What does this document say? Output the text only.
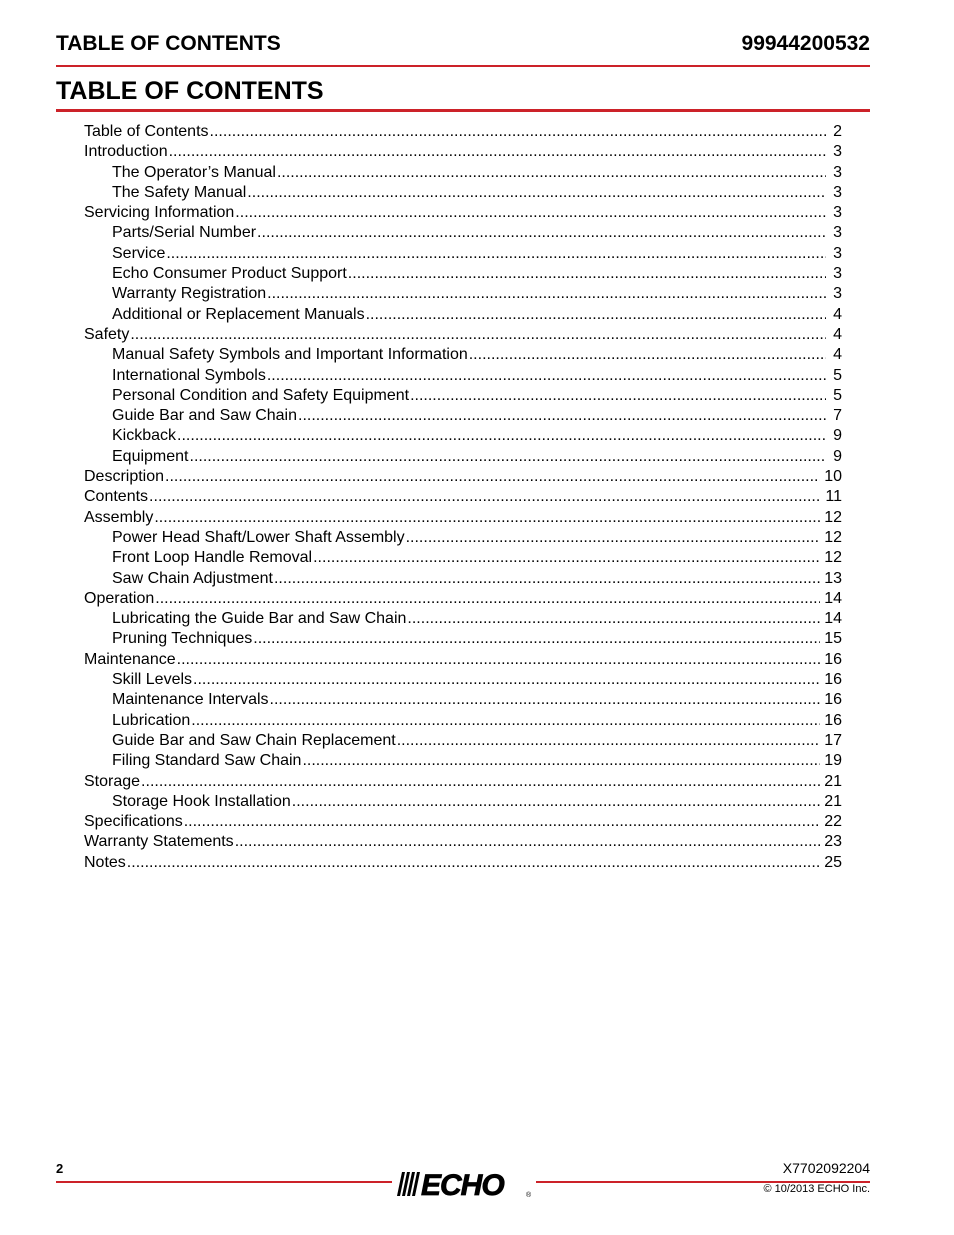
TABLE OF CONTENTS	99944200532
TABLE OF CONTENTS
Table of Contents .....	2
Introduction .....	3
The Operator’s Manual .....	3
The Safety Manual .....	3
Servicing Information .....	3
Parts/Serial Number .....	3
Service .....	3
Echo Consumer Product Support .....	3
Warranty Registration .....	3
Additional or Replacement Manuals .....	4
Safety .....	4
Manual Safety Symbols and Important Information .....	4
International Symbols .....	5
Personal Condition and Safety Equipment .....	5
Guide Bar and Saw Chain .....	7
Kickback .....	9
Equipment .....	9
Description .....	10
Contents .....	11
Assembly .....	12
Power Head Shaft/Lower Shaft Assembly .....	12
Front Loop Handle Removal .....	12
Saw Chain Adjustment .....	13
Operation .....	14
Lubricating the Guide Bar and Saw Chain .....	14
Pruning Techniques .....	15
Maintenance .....	16
Skill Levels .....	16
Maintenance Intervals .....	16
Lubrication .....	16
Guide Bar and Saw Chain Replacement .....	17
Filing Standard Saw Chain .....	19
Storage .....	21
Storage Hook Installation .....	21
Specifications .....	22
Warranty Statements .....	23
Notes .....	25
2	X7702092204
© 10/2013 ECHO Inc.
ECHO	®
